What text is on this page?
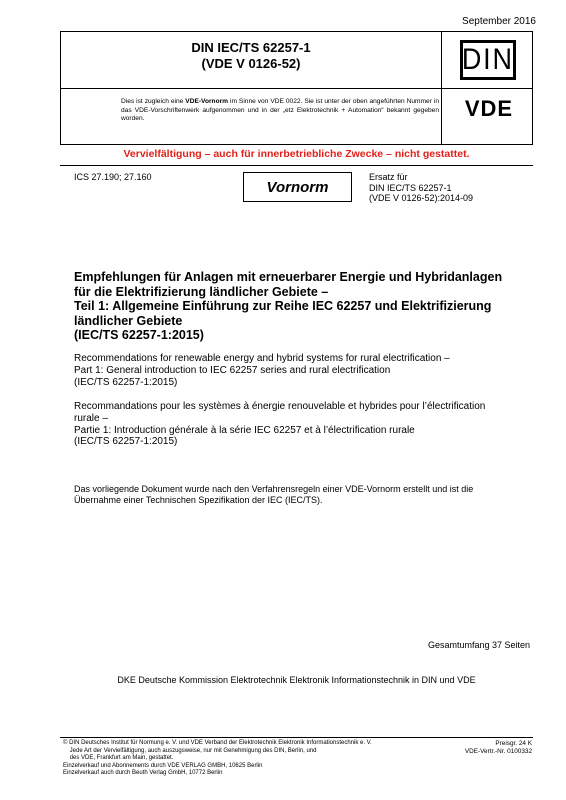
September 2016
DIN IEC/TS 62257-1
(VDE V 0126-52)
Dies ist zugleich eine VDE-Vornorm im Sinne von VDE 0022. Sie ist unter der oben angeführten Nummer in das VDE-Vorschriftenwerk aufgenommen und in der „etz Elektrotechnik + Automation“ bekannt gegeben worden.
DIN
VDE
Vervielfältigung – auch für innerbetriebliche Zwecke – nicht gestattet.
ICS 27.190; 27.160
Vornorm
Ersatz für
DIN IEC/TS 62257-1
(VDE V 0126-52):2014-09
Empfehlungen für Anlagen mit erneuerbarer Energie und Hybridanlagen
für die Elektrifizierung ländlicher Gebiete –
Teil 1: Allgemeine Einführung zur Reihe IEC 62257 und Elektrifizierung
ländlicher Gebiete
(IEC/TS 62257-1:2015)
Recommendations for renewable energy and hybrid systems for rural electrification –
Part 1: General introduction to IEC 62257 series and rural electrification
(IEC/TS 62257-1:2015)
Recommandations pour les systèmes à énergie renouvelable et hybrides pour l’électrification
rurale –
Partie 1: Introduction générale à la série IEC 62257 et à l’électrification rurale
(IEC/TS 62257-1:2015)
Das vorliegende Dokument wurde nach den Verfahrensregeln einer VDE-Vornorm erstellt und ist die Übernahme einer Technischen Spezifikation der IEC (IEC/TS).
Gesamtumfang 37 Seiten
DKE Deutsche Kommission Elektrotechnik Elektronik Informationstechnik in DIN und VDE
© DIN Deutsches Institut für Normung e. V. und VDE Verband der Elektrotechnik Elektronik Informationstechnik e. V.
Jede Art der Vervielfältigung, auch auszugsweise, nur mit Genehmigung des DIN, Berlin, und
des VDE, Frankfurt am Main, gestattet.
Einzelverkauf und Abonnements durch VDE VERLAG GMBH, 10625 Berlin
Einzelverkauf auch durch Beuth Verlag GmbH, 10772 Berlin
Preisgr. 24 K
VDE-Vertr.-Nr. 0100332
